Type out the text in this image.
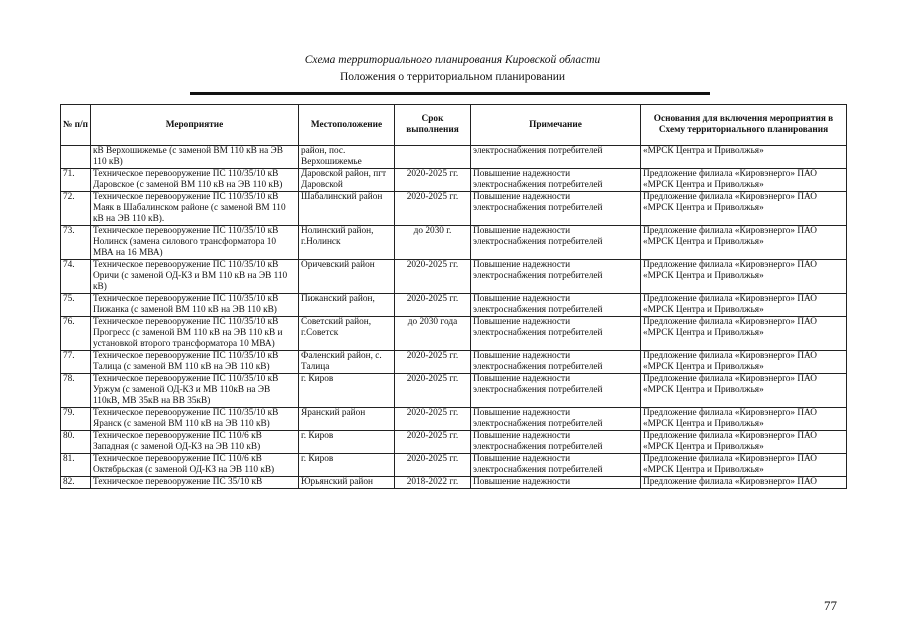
Схема территориального планирования Кировской области
Положения о территориальном планировании
№ п/п	Мероприятие	Местоположение	Срок выполнения	Примечание	Основания для включения мероприятия в Схему территориального планирования
	кВ Верхошижемье (с заменой ВМ 110 кВ на ЭВ 110 кВ)	район, пос. Верхошижемье		электроснабжения потребителей	«МРСК Центра и Приволжья»
71.	Техническое перевооружение ПС 110/35/10 кВ Даровское (с заменой ВМ 110 кВ на ЭВ 110 кВ)	Даровской район, пгт Даровской	2020-2025 гг.	Повышение надежности электроснабжения потребителей	Предложение филиала «Кировэнерго» ПАО «МРСК Центра и Приволжья»
72.	Техническое перевооружение ПС 110/35/10 кВ Маяк в Шабалинском районе (с заменой ВМ 110 кВ на ЭВ 110 кВ).	Шабалинский район	2020-2025 гг.	Повышение надежности электроснабжения потребителей	Предложение филиала «Кировэнерго» ПАО «МРСК Центра и Приволжья»
73.	Техническое перевооружение ПС 110/35/10 кВ Нолинск (замена силового трансформатора 10 МВА на 16 МВА)	Нолинский район, г.Нолинск	до 2030 г.	Повышение надежности электроснабжения потребителей	Предложение филиала «Кировэнерго» ПАО «МРСК Центра и Приволжья»
74.	Техническое перевооружение ПС 110/35/10 кВ Оричи (с заменой ОД-КЗ и ВМ 110 кВ на ЭВ 110 кВ)	Оричевский район	2020-2025 гг.	Повышение надежности электроснабжения потребителей	Предложение филиала «Кировэнерго» ПАО «МРСК Центра и Приволжья»
75.	Техническое перевооружение ПС 110/35/10 кВ Пижанка (с заменой ВМ 110 кВ на ЭВ 110 кВ)	Пижанский район,	2020-2025 гг.	Повышение надежности электроснабжения потребителей	Предложение филиала «Кировэнерго» ПАО «МРСК Центра и Приволжья»
76.	Техническое перевооружение ПС 110/35/10 кВ Прогресс (с заменой ВМ 110 кВ на ЭВ 110 кВ и установкой второго трансформатора 10 МВА)	Советский район, г.Советск	до 2030 года	Повышение надежности электроснабжения потребителей	Предложение филиала «Кировэнерго» ПАО «МРСК Центра и Приволжья»
77.	Техническое перевооружение ПС 110/35/10 кВ Талица (с заменой ВМ 110 кВ на ЭВ 110 кВ)	Фаленский район, с. Талица	2020-2025 гг.	Повышение надежности электроснабжения потребителей	Предложение филиала «Кировэнерго» ПАО «МРСК Центра и Приволжья»
78.	Техническое перевооружение ПС 110/35/10 кВ Уржум (с заменой ОД-КЗ и МВ 110кВ на ЭВ 110кВ, МВ 35кВ на ВВ 35кВ)	г. Киров	2020-2025 гг.	Повышение надежности электроснабжения потребителей	Предложение филиала «Кировэнерго» ПАО «МРСК Центра и Приволжья»
79.	Техническое перевооружение ПС 110/35/10 кВ Яранск (с заменой ВМ 110 кВ на ЭВ 110 кВ)	Яранский район	2020-2025 гг.	Повышение надежности электроснабжения потребителей	Предложение филиала «Кировэнерго» ПАО «МРСК Центра и Приволжья»
80.	Техническое перевооружение ПС 110/6 кВ Западная (с заменой ОД-КЗ на ЭВ 110 кВ)	г. Киров	2020-2025 гг.	Повышение надежности электроснабжения потребителей	Предложение филиала «Кировэнерго» ПАО «МРСК Центра и Приволжья»
81.	Техническое перевооружение ПС 110/6 кВ Октябрьская (с заменой ОД-КЗ на ЭВ 110 кВ)	г. Киров	2020-2025 гг.	Повышение надежности электроснабжения потребителей	Предложение филиала «Кировэнерго» ПАО «МРСК Центра и Приволжья»
82.	Техническое перевооружение ПС 35/10 кВ	Юрьянский район	2018-2022 гг.	Повышение надежности	Предложение филиала «Кировэнерго» ПАО
77
